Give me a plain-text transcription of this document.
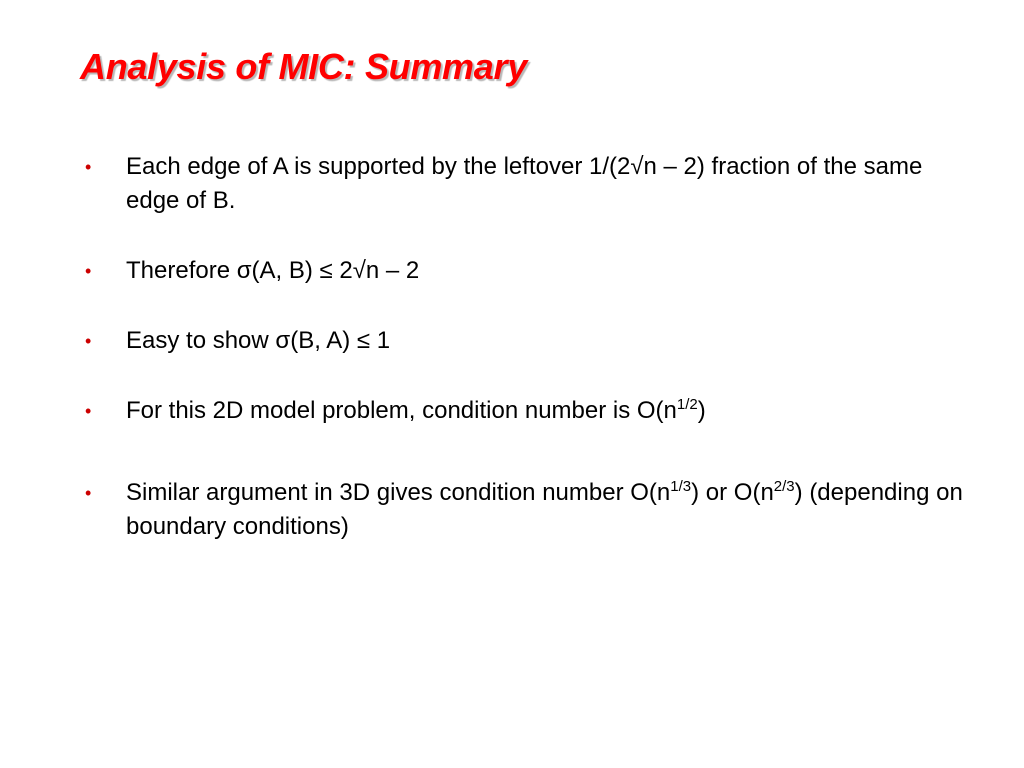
Analysis of MIC: Summary
• Each edge of A is supported by the leftover 1/(2√n – 2) fraction of the same edge of B.
• Therefore σ(A, B) ≤ 2√n – 2
• Easy to show σ(B, A) ≤ 1
• For this 2D model problem, condition number is $O(n^{1/2})$
• Similar argument in 3D gives condition number $O(n^{1/3})$ or $O(n^{2/3})$ (depending on boundary conditions)
